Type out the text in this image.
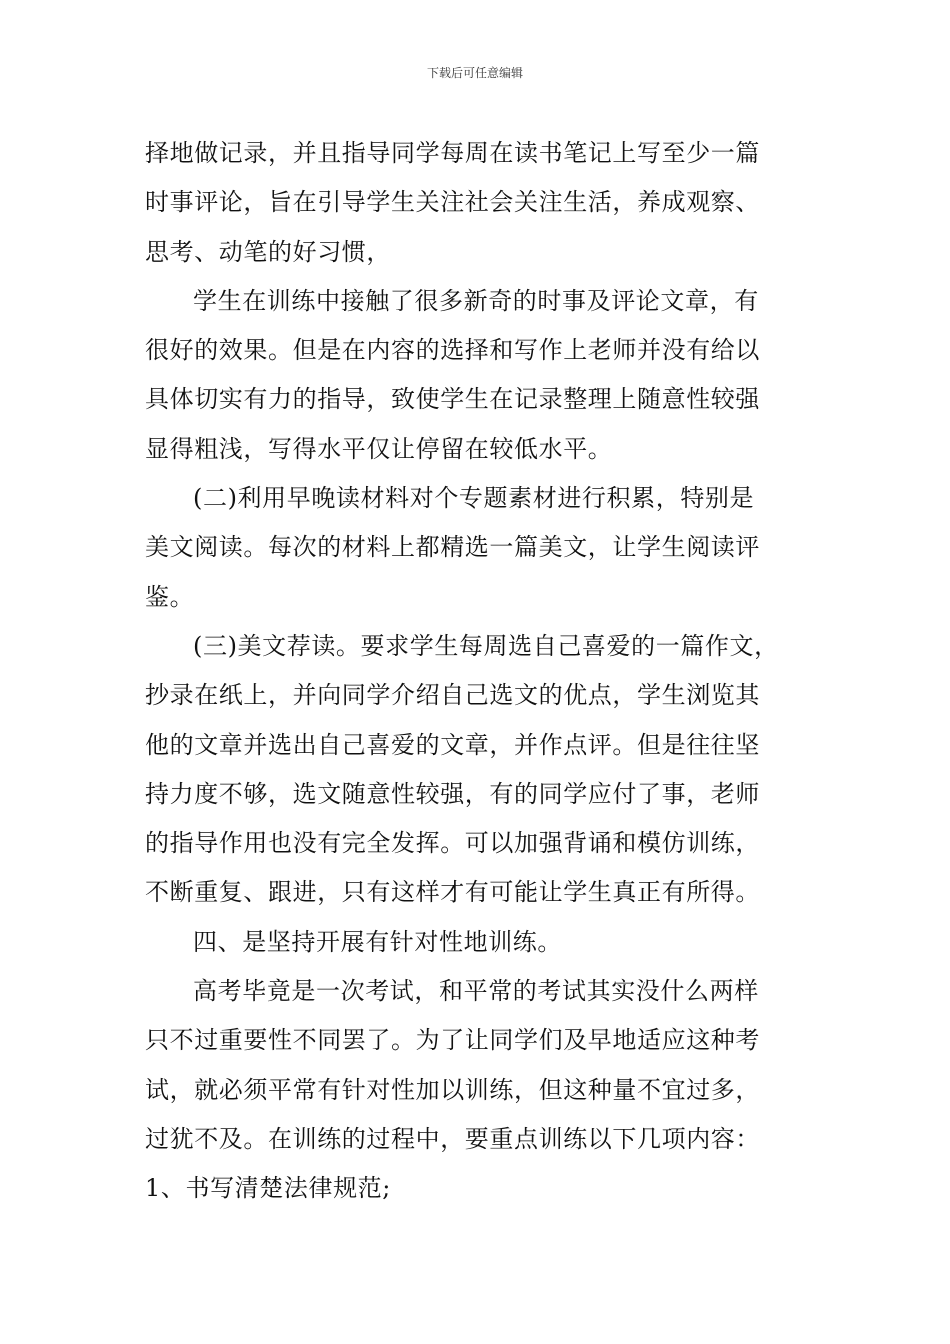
下载后可任意编辑

择地做记录，并且指导同学每周在读书笔记上写至少一篇

时事评论，旨在引导学生关注社会关注生活，养成观察、

思考、动笔的好习惯，

学生在训练中接触了很多新奇的时事及评论文章，有

很好的效果。但是在内容的选择和写作上老师并没有给以

具体切实有力的指导，致使学生在记录整理上随意性较强

显得粗浅，写得水平仅让停留在较低水平。

(二)利用早晚读材料对个专题素材进行积累，特别是

美文阅读。每次的材料上都精选一篇美文，让学生阅读评

鉴。

(三)美文荐读。要求学生每周选自己喜爱的一篇作文，

抄录在纸上，并向同学介绍自己选文的优点，学生浏览其

他的文章并选出自己喜爱的文章，并作点评。但是往往坚

持力度不够，选文随意性较强，有的同学应付了事，老师

的指导作用也没有完全发挥。可以加强背诵和模仿训练，

不断重复、跟进，只有这样才有可能让学生真正有所得。

四、是坚持开展有针对性地训练。

高考毕竟是一次考试，和平常的考试其实没什么两样

只不过重要性不同罢了。为了让同学们及早地适应这种考

试，就必须平常有针对性加以训练，但这种量不宜过多，

过犹不及。在训练的过程中，要重点训练以下几项内容：

1、书写清楚法律规范;
